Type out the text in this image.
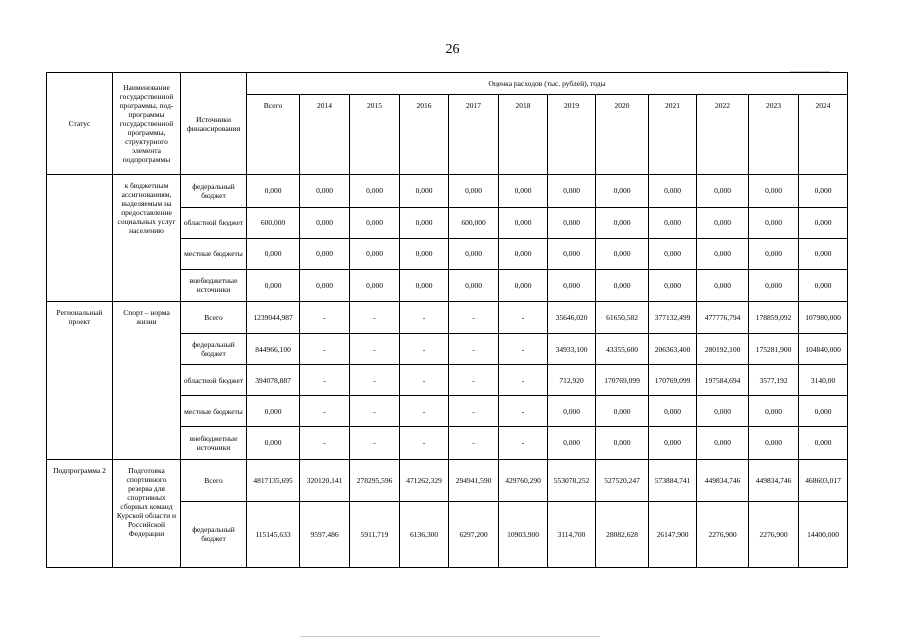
26
Статус	Наименование государственной программы, под- программы государственной программы, структурного элемента подпрограммы	Источники финансирования	Оценка расходов (тыс. рублей), годы											
			Всего	2014	2015	2016	2017	2018	2019	2020	2021	2022	2023	2024
	к бюджетным ассигнованиям, выделяемым на предоставление социальных услуг населению	федеральный бюджет	0,000	0,000	0,000	0,000	0,000	0,000	0,000	0,000	0,000	0,000	0,000	0,000
		областной бюджет	600,000	0,000	0,000	0,000	600,000	0,000	0,000	0,000	0,000	0,000	0,000	0,000
		местные бюджеты	0,000	0,000	0,000	0,000	0,000	0,000	0,000	0,000	0,000	0,000	0,000	0,000
		внебюджетные источники	0,000	0,000	0,000	0,000	0,000	0,000	0,000	0,000	0,000	0,000	0,000	0,000
Региональный проект	Спорт – норма жизни	Всего	1239044,987	-	-	-	-	-	35646,020	61650,582	377132,499	477776,794	178859,092	107980,000
		федеральный бюджет	844966,100	-	-	-	-	-	34933,100	43355,600	206363,400	280192,100	175281,900	104840,000
		областной бюджет	394078,887	-	-	-	-	-	712,920	170769,099	170769,099	197584,694	3577,192	3140,00
		местные бюджеты	0,000	-	-	-	-	-	0,000	0,000	0,000	0,000	0,000	0,000
		внебюджетные источники	0,000	-	-	-	-	-	0,000	0,000	0,000	0,000	0,000	0,000
Подпрограмма 2	Подготовка спортивного резерва для спортивных сборных команд Курской области и Российской Федерации	Всего	4817135,695	320120,141	278295,596	471262,329	294941,590	429760,290	553078,252	527520,247	573884,741	449834,746	449834,746	468603,017
		федеральный бюджет	115145,633	9597,486	5911,719	6136,300	6297,200	10903,900	3114,700	28082,628	26147,900	2276,900	2276,900	14400,000
